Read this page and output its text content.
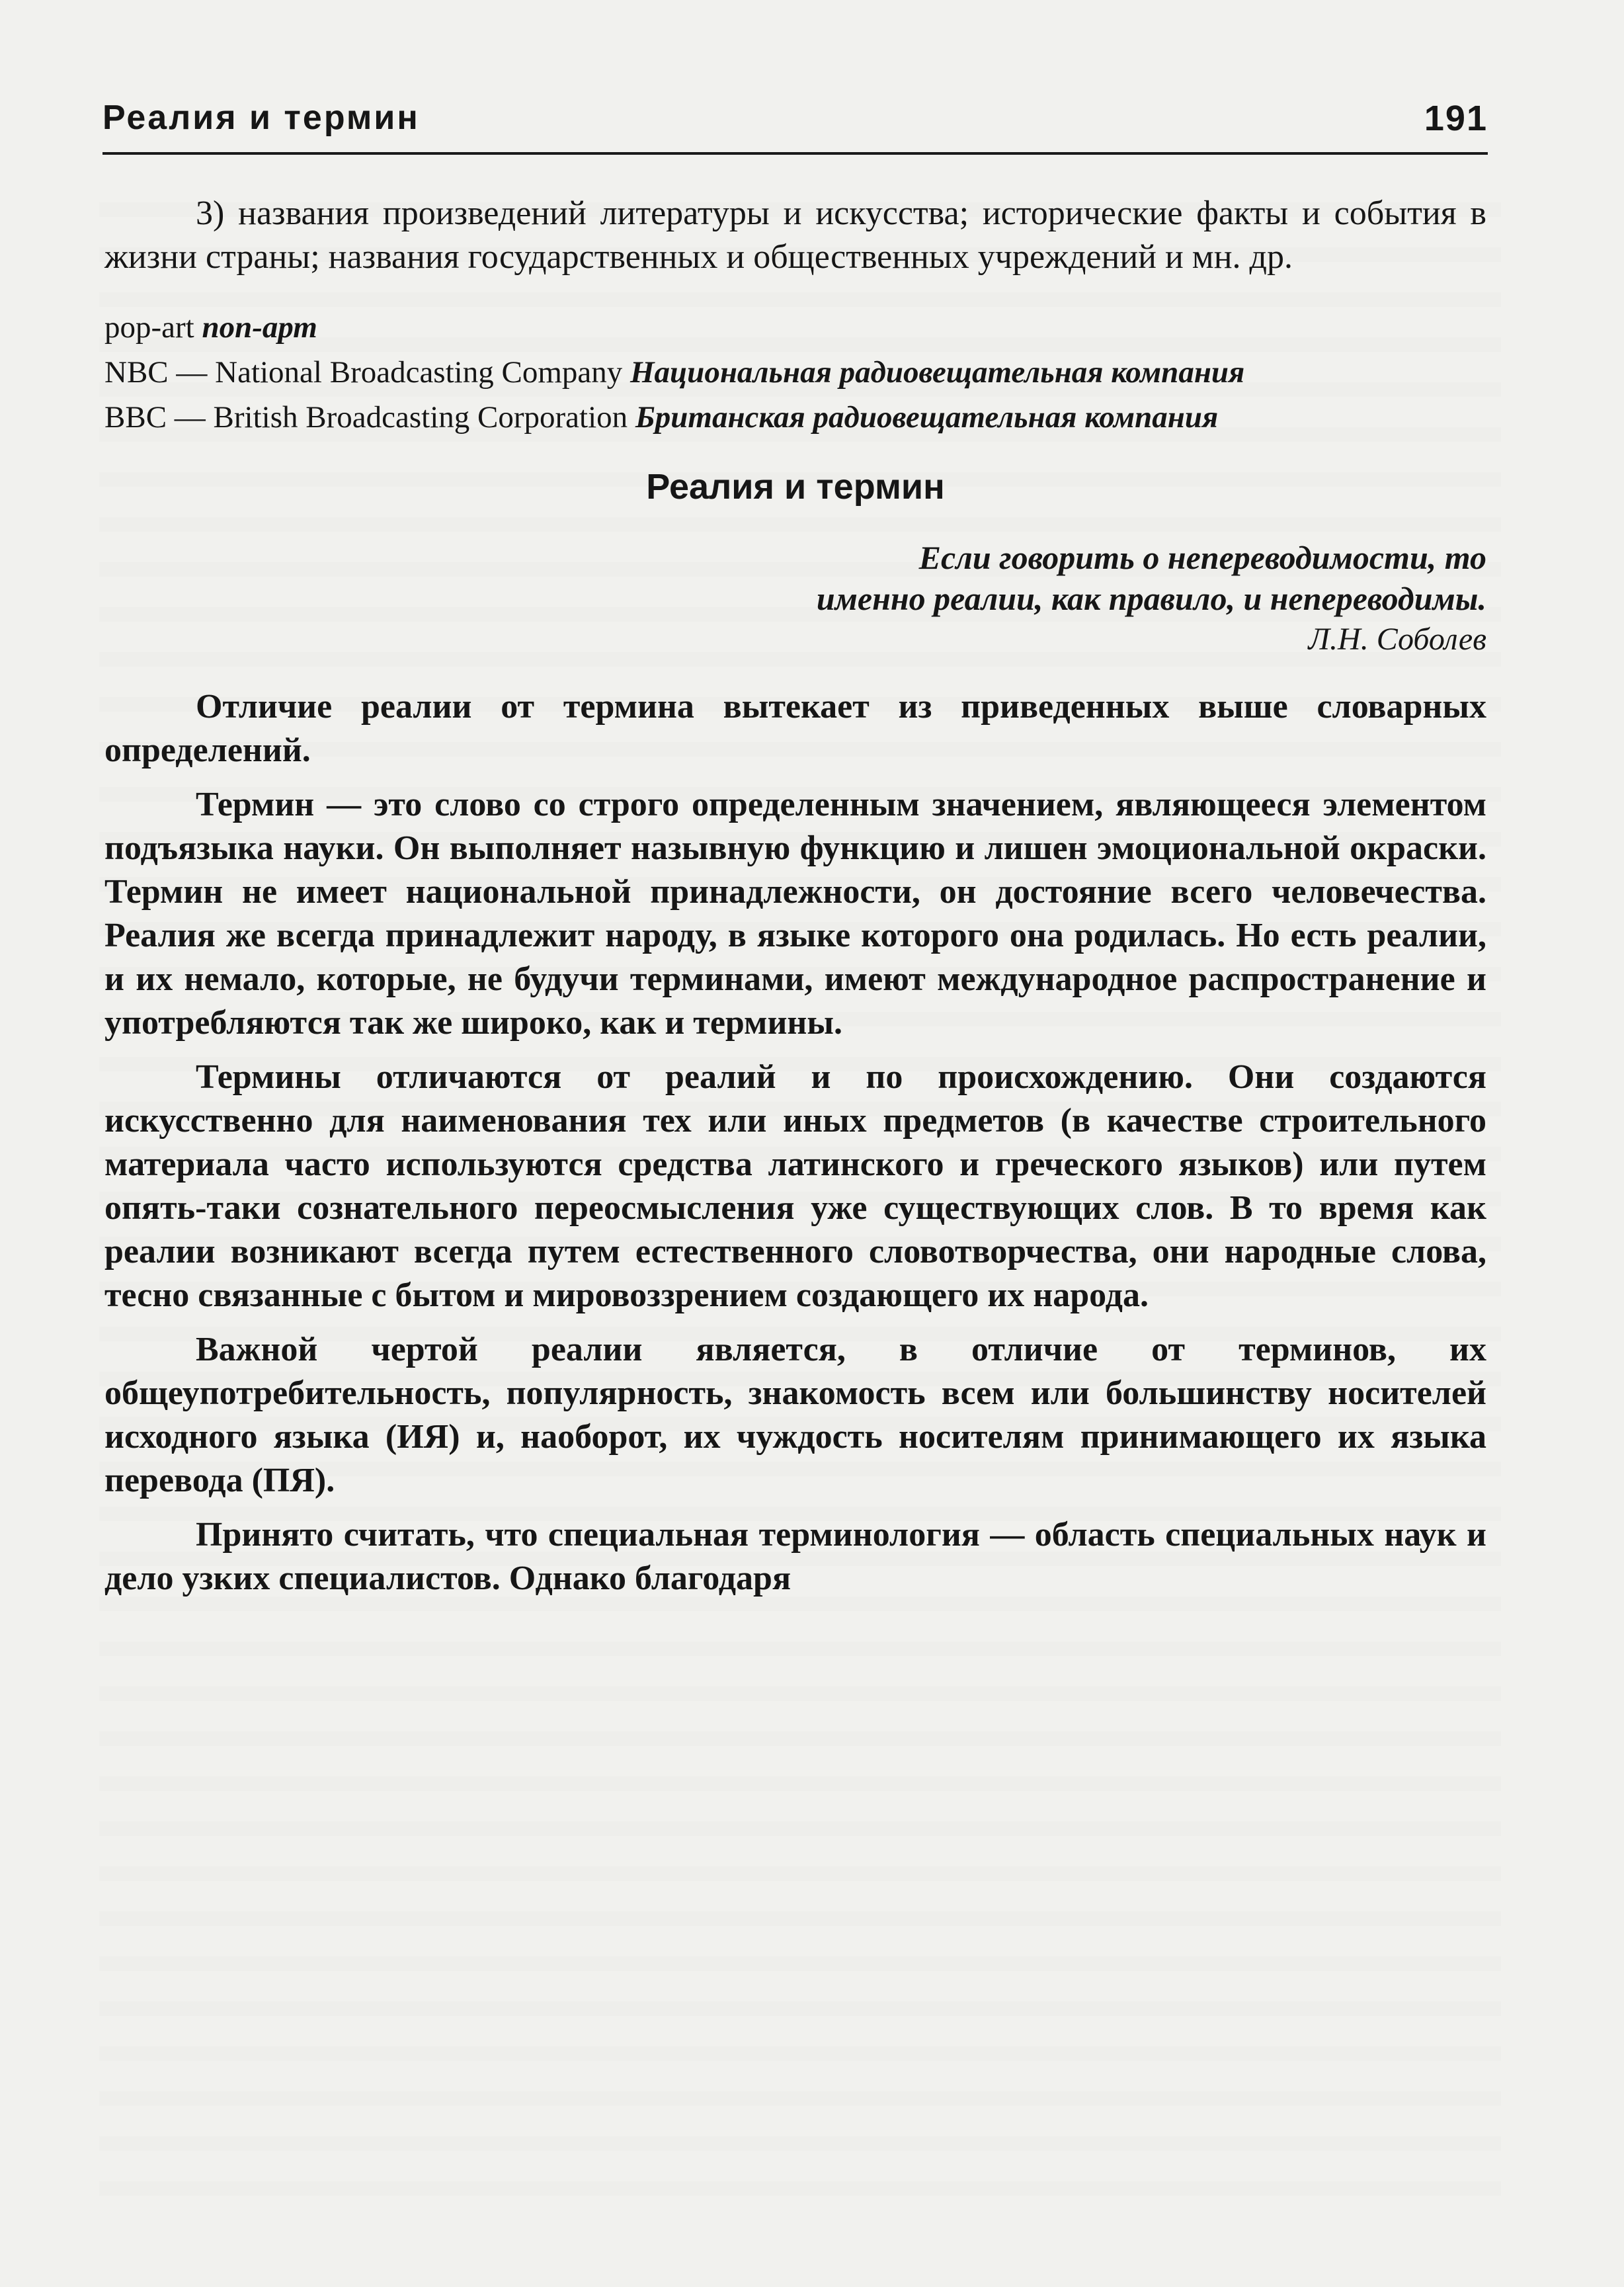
Реалия и термин	191

3) названия произведений литературы и искусства; исторические факты и события в жизни страны; названия государственных и общественных учреждений и мн. др.

pop-art поп-арт

NBC — National Broadcasting Company Национальная радиовещательная компания

BBC — British Broadcasting Corporation Британская радиовещательная компания

Реалия и термин

Если говорить о непереводимости, то

именно реалии, как правило, и непереводимы.

Л.Н. Соболев

Отличие реалии от термина вытекает из приведенных выше словарных определений.

Термин — это слово со строго определенным значением, являющееся элементом подъязыка науки. Он выполняет назывную функцию и лишен эмоциональной окраски. Термин не имеет национальной принадлежности, он достояние всего человечества. Реалия же всегда принадлежит народу, в языке которого она родилась. Но есть реалии, и их немало, которые, не будучи терминами, имеют международное распространение и употребляются так же широко, как и термины.

Термины отличаются от реалий и по происхождению. Они создаются искусственно для наименования тех или иных предметов (в качестве строительного материала часто используются средства латинского и греческого языков) или путем опять-таки сознательного переосмысления уже существующих слов. В то время как реалии возникают всегда путем естественного словотворчества, они народные слова, тесно связанные с бытом и мировоззрением создающего их народа.

Важной чертой реалии является, в отличие от терминов, их общеупотребительность, популярность, знакомость всем или большинству носителей исходного языка (ИЯ) и, наоборот, их чуждость носителям принимающего их языка перевода (ПЯ).

Принято считать, что специальная терминология — область специальных наук и дело узких специалистов. Однако благодаря
